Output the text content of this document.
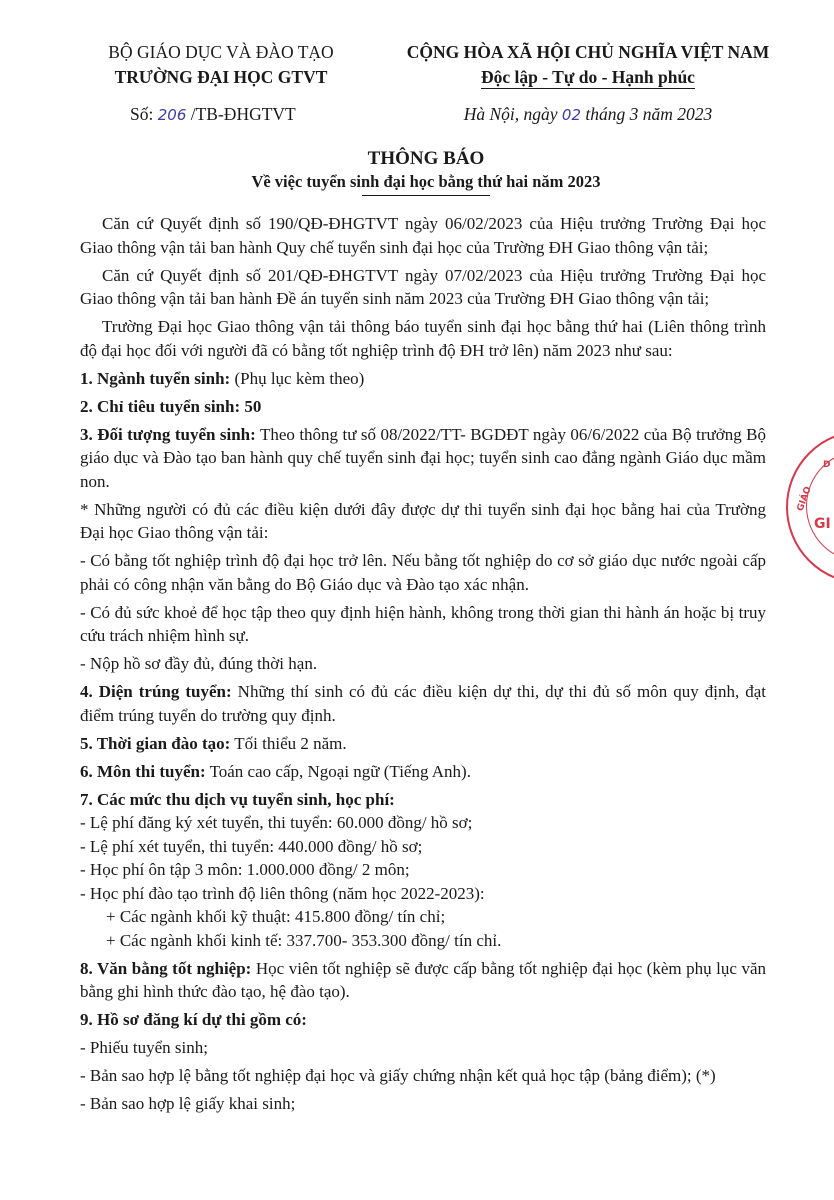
BỘ GIÁO DỤC VÀ ĐÀO TẠO
TRƯỜNG ĐẠI HỌC GTVT
CỘNG HÒA XÃ HỘI CHỦ NGHĨA VIỆT NAM
Độc lập - Tự do - Hạnh phúc
Số: 206 /TB-ĐHGTVT	Hà Nội, ngày 02 tháng 3 năm 2023
THÔNG BÁO
Về việc tuyển sinh đại học bằng thứ hai năm 2023

Căn cứ Quyết định số 190/QĐ-ĐHGTVT ngày 06/02/2023 của Hiệu trưởng Trường Đại học Giao thông vận tải ban hành Quy chế tuyển sinh đại học của Trường ĐH Giao thông vận tải;

Căn cứ Quyết định số 201/QĐ-ĐHGTVT ngày 07/02/2023 của Hiệu trưởng Trường Đại học Giao thông vận tải ban hành Đề án tuyển sinh năm 2023 của Trường ĐH Giao thông vận tải;

Trường Đại học Giao thông vận tải thông báo tuyển sinh đại học bằng thứ hai (Liên thông trình độ đại học đối với người đã có bằng tốt nghiệp trình độ ĐH trở lên) năm 2023 như sau:

1. Ngành tuyển sinh: (Phụ lục kèm theo)

2. Chỉ tiêu tuyển sinh: 50

3. Đối tượng tuyển sinh: Theo thông tư số 08/2022/TT- BGDĐT ngày 06/6/2022 của Bộ trưởng Bộ giáo dục và Đào tạo ban hành quy chế tuyển sinh đại học; tuyển sinh cao đẳng ngành Giáo dục mầm non.

* Những người có đủ các điều kiện dưới đây được dự thi tuyển sinh đại học bằng hai của Trường Đại học Giao thông vận tải:

- Có bằng tốt nghiệp trình độ đại học trở lên. Nếu bằng tốt nghiệp do cơ sở giáo dục nước ngoài cấp phải có công nhận văn bằng do Bộ Giáo dục và Đào tạo xác nhận.

- Có đủ sức khoẻ để học tập theo quy định hiện hành, không trong thời gian thi hành án hoặc bị truy cứu trách nhiệm hình sự.

- Nộp hồ sơ đầy đủ, đúng thời hạn.

4. Diện trúng tuyển: Những thí sinh có đủ các điều kiện dự thi, dự thi đủ số môn quy định, đạt điểm trúng tuyển do trường quy định.

5. Thời gian đào tạo: Tối thiểu 2 năm.

6. Môn thi tuyển: Toán cao cấp, Ngoại ngữ (Tiếng Anh).

7. Các mức thu dịch vụ tuyển sinh, học phí:

- Lệ phí đăng ký xét tuyển, thi tuyển: 60.000 đồng/ hồ sơ;

- Lệ phí xét tuyển, thi tuyển: 440.000 đồng/ hồ sơ;

- Học phí ôn tập 3 môn: 1.000.000 đồng/ 2 môn;

- Học phí đào tạo trình độ liên thông (năm học 2022-2023):

+ Các ngành khối kỹ thuật: 415.800 đồng/ tín chỉ;

+ Các ngành khối kinh tế: 337.700- 353.300 đồng/ tín chỉ.

8. Văn bằng tốt nghiệp: Học viên tốt nghiệp sẽ được cấp bằng tốt nghiệp đại học (kèm phụ lục văn bằng ghi hình thức đào tạo, hệ đào tạo).

9. Hồ sơ đăng kí dự thi gồm có:

- Phiếu tuyển sinh;

- Bản sao hợp lệ bằng tốt nghiệp đại học và giấy chứng nhận kết quả học tập (bảng điểm); (*)

- Bản sao hợp lệ giấy khai sinh;

GIÁO
GI
D
